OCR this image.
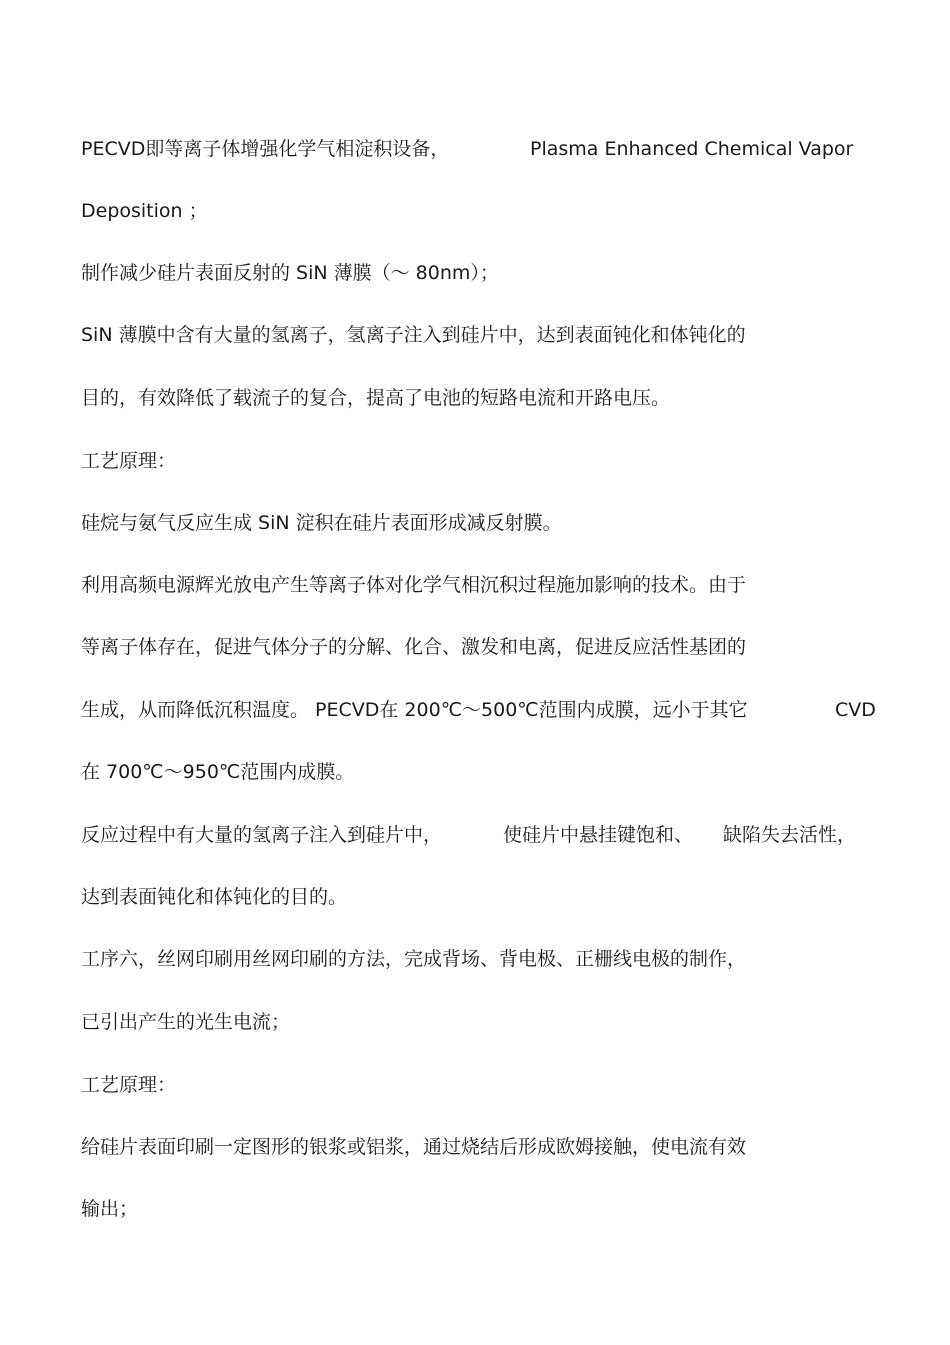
PECVD即等离子体增强化学气相淀积设备，	Plasma Enhanced Chemical Vapor
Deposition ；
制作减少硅片表面反射的 SiN 薄膜（～ 80nm）；
SiN 薄膜中含有大量的氢离子，氢离子注入到硅片中，达到表面钝化和体钝化的
目的，有效降低了载流子的复合，提高了电池的短路电流和开路电压。
工艺原理：
硅烷与氨气反应生成 SiN 淀积在硅片表面形成减反射膜。
利用高频电源辉光放电产生等离子体对化学气相沉积过程施加影响的技术。由于
等离子体存在，促进气体分子的分解、化合、激发和电离，促进反应活性基团的
生成，从而降低沉积温度。 PECVD在 200℃～500℃范围内成膜，远小于其它	CVD
在 700℃～950℃范围内成膜。
反应过程中有大量的氢离子注入到硅片中，	使硅片中悬挂键饱和、 缺陷失去活性，
达到表面钝化和体钝化的目的。
工序六，丝网印刷用丝网印刷的方法，完成背场、背电极、正栅线电极的制作，
已引出产生的光生电流；
工艺原理：
给硅片表面印刷一定图形的银浆或铝浆，通过烧结后形成欧姆接触，使电流有效
输出；
